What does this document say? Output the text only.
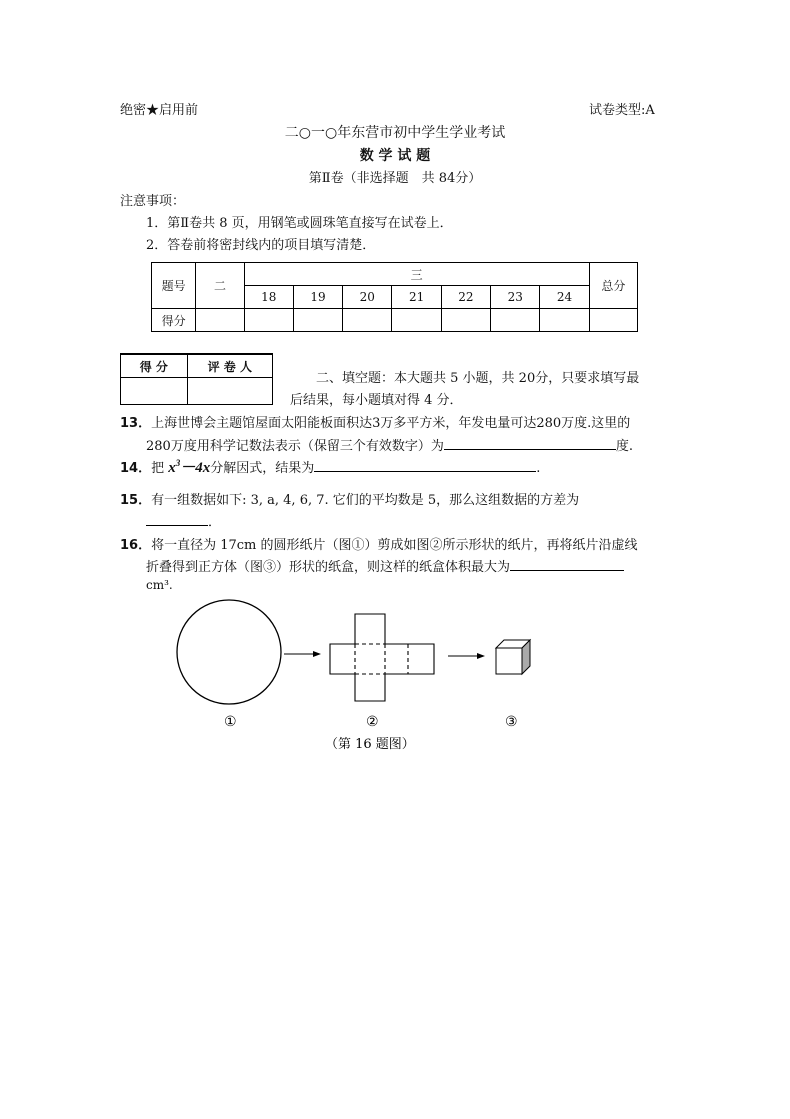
绝密★启用前	试卷类型:A
二○一○年东营市初中学生学业考试
数 学 试 题
第Ⅱ卷（非选择题　共 84分）
注意事项：
1．第Ⅱ卷共 8 页，用钢笔或圆珠笔直接写在试卷上．
2．答卷前将密封线内的项目填写清楚．
题号	二	三							总分
		18	19	20	21	22	23	24	
得分									
得 分	评 卷 人

二、填空题：本大题共 5 小题，共 20分，只要求填写最
后结果，每小题填对得 4 分．
13．上海世博会主题馆屋面太阳能板面积达3万多平方米，年发电量可达280万度.这里的
280万度用科学记数法表示（保留三个有效数字）为	度.
14．把 $x^3-4x$分解因式，结果为	.
15．有一组数据如下: 3, a, 4, 6, 7. 它们的平均数是 5，那么这组数据的方差为
．
16．将一直径为 17cm 的圆形纸片（图①）剪成如图②所示形状的纸片，再将纸片沿虚线
折叠得到正方体（图③）形状的纸盒，则这样的纸盒体积最大为
cm³.
①	②	③
（第 16 题图）
